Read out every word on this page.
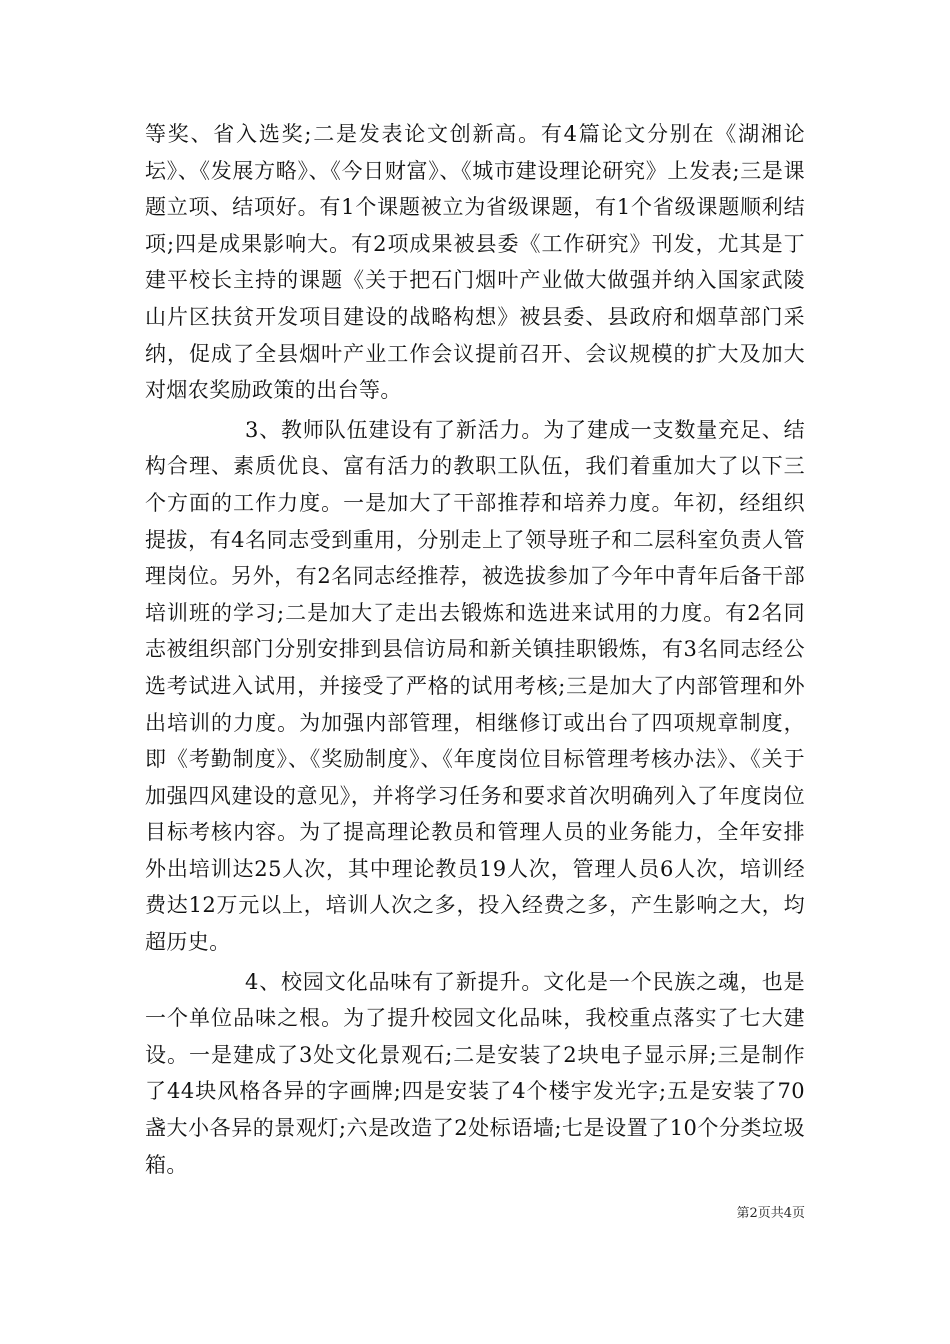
等奖、省入选奖;二是发表论文创新高。有4篇论文分别在《湖湘论坛》、《发展方略》、《今日财富》、《城市建设理论研究》上发表;三是课题立项、结项好。有1个课题被立为省级课题，有1个省级课题顺利结项;四是成果影响大。有2项成果被县委《工作研究》刊发，尤其是丁建平校长主持的课题《关于把石门烟叶产业做大做强并纳入国家武陵山片区扶贫开发项目建设的战略构想》被县委、县政府和烟草部门采纳，促成了全县烟叶产业工作会议提前召开、会议规模的扩大及加大对烟农奖励政策的出台等。

3、教师队伍建设有了新活力。为了建成一支数量充足、结构合理、素质优良、富有活力的教职工队伍，我们着重加大了以下三个方面的工作力度。一是加大了干部推荐和培养力度。年初，经组织提拔，有4名同志受到重用，分别走上了领导班子和二层科室负责人管理岗位。另外，有2名同志经推荐，被选拔参加了今年中青年后备干部培训班的学习;二是加大了走出去锻炼和选进来试用的力度。有2名同志被组织部门分别安排到县信访局和新关镇挂职锻炼，有3名同志经公选考试进入试用，并接受了严格的试用考核;三是加大了内部管理和外出培训的力度。为加强内部管理，相继修订或出台了四项规章制度，即《考勤制度》、《奖励制度》、《年度岗位目标管理考核办法》、《关于加强四风建设的意见》，并将学习任务和要求首次明确列入了年度岗位目标考核内容。为了提高理论教员和管理人员的业务能力，全年安排外出培训达25人次，其中理论教员19人次，管理人员6人次，培训经费达12万元以上，培训人次之多，投入经费之多，产生影响之大，均超历史。

4、校园文化品味有了新提升。文化是一个民族之魂，也是一个单位品味之根。为了提升校园文化品味，我校重点落实了七大建设。一是建成了3处文化景观石;二是安装了2块电子显示屏;三是制作了44块风格各异的字画牌;四是安装了4个楼宇发光字;五是安装了70盏大小各异的景观灯;六是改造了2处标语墙;七是设置了10个分类垃圾箱。

第2页共4页
